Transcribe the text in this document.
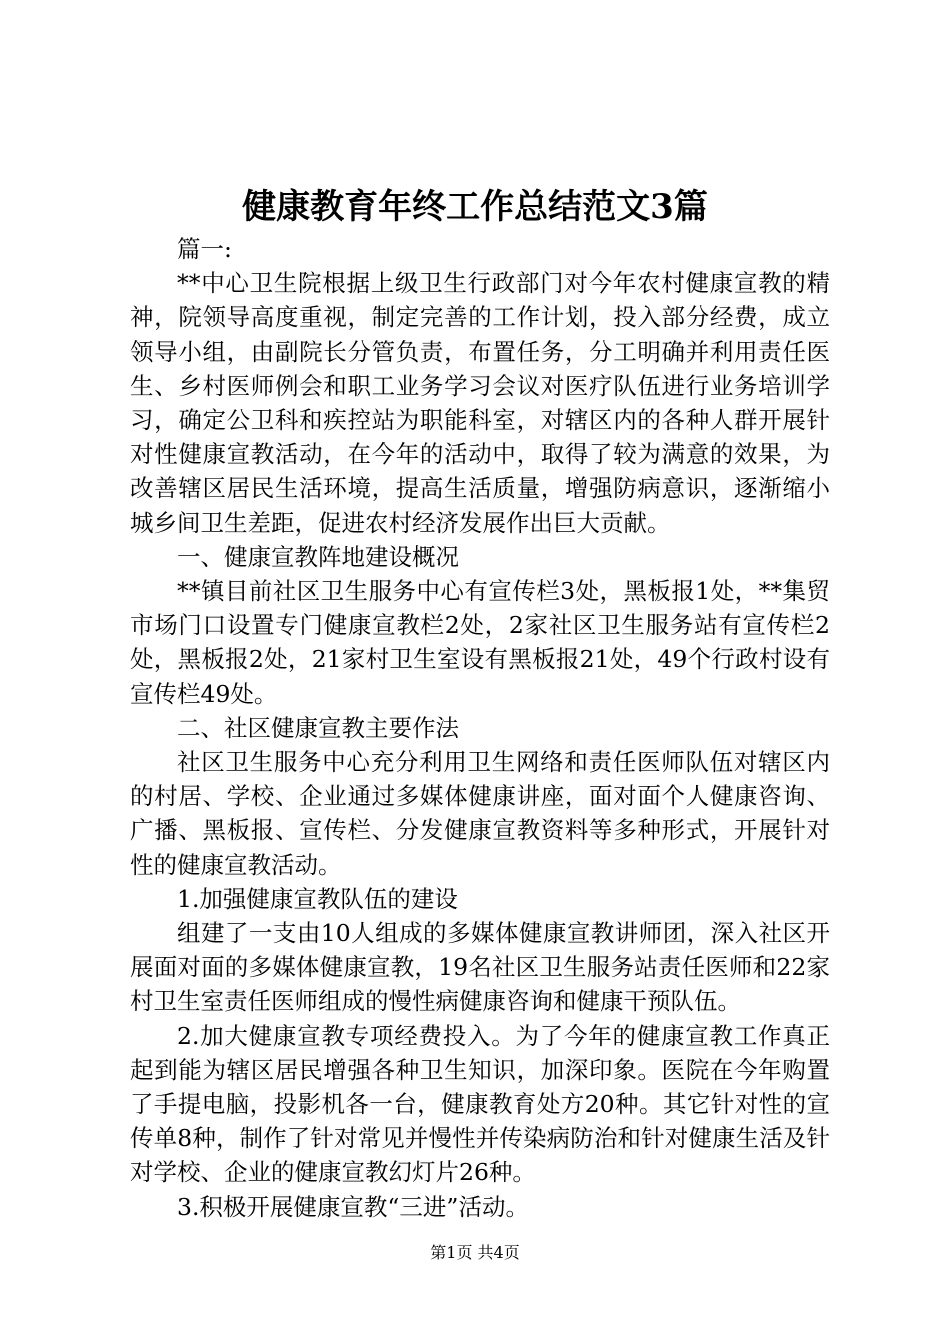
健康教育年终工作总结范文3篇

篇一:

**中心卫生院根据上级卫生行政部门对今年农村健康宣教的精神，院领导高度重视，制定完善的工作计划，投入部分经费，成立领导小组，由副院长分管负责，布置任务，分工明确并利用责任医生、乡村医师例会和职工业务学习会议对医疗队伍进行业务培训学习，确定公卫科和疾控站为职能科室，对辖区内的各种人群开展针对性健康宣教活动，在今年的活动中，取得了较为满意的效果，为改善辖区居民生活环境，提高生活质量，增强防病意识，逐渐缩小城乡间卫生差距，促进农村经济发展作出巨大贡献。

一、健康宣教阵地建设概况

**镇目前社区卫生服务中心有宣传栏3处，黑板报1处，**集贸市场门口设置专门健康宣教栏2处，2家社区卫生服务站有宣传栏2处，黑板报2处，21家村卫生室设有黑板报21处，49个行政村设有宣传栏49处。

二、社区健康宣教主要作法

社区卫生服务中心充分利用卫生网络和责任医师队伍对辖区内的村居、学校、企业通过多媒体健康讲座，面对面个人健康咨询、广播、黑板报、宣传栏、分发健康宣教资料等多种形式，开展针对性的健康宣教活动。

1.加强健康宣教队伍的建设

组建了一支由10人组成的多媒体健康宣教讲师团，深入社区开展面对面的多媒体健康宣教，19名社区卫生服务站责任医师和22家村卫生室责任医师组成的慢性病健康咨询和健康干预队伍。

2.加大健康宣教专项经费投入。为了今年的健康宣教工作真正起到能为辖区居民增强各种卫生知识，加深印象。医院在今年购置了手提电脑，投影机各一台，健康教育处方20种。其它针对性的宣传单8种，制作了针对常见并慢性并传染病防治和针对健康生活及针对学校、企业的健康宣教幻灯片26种。

3.积极开展健康宣教“三进”活动。

第1页 共4页
